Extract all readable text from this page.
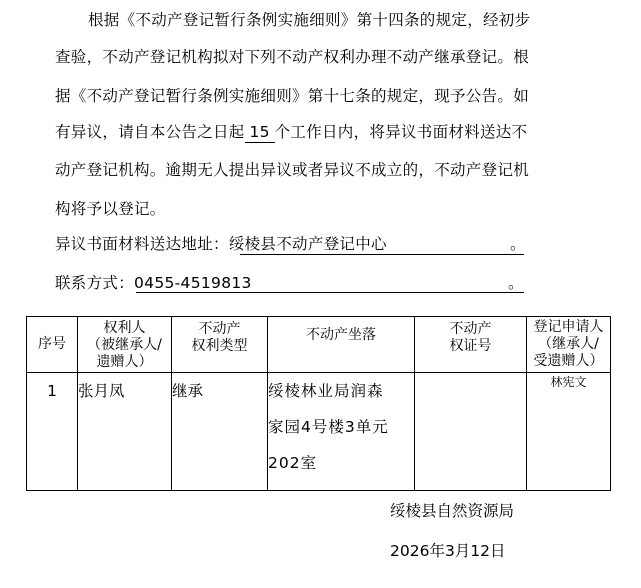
根据《不动产登记暂行条例实施细则》第十四条的规定，经初步
查验，不动产登记机构拟对下列不动产权利办理不动产继承登记。根
据《不动产登记暂行条例实施细则》第十七条的规定，现予公告。如
有异议，请自本公告之日起 15 个工作日内，将异议书面材料送达不
动产登记机构。逾期无人提出异议或者异议不成立的，不动产登记机
构将予以登记。
异议书面材料送达地址：绥棱县不动产登记中心	。
联系方式：0455-4519813	。
序号	权利人
（被继承人/
遗赠人）	不动产
权利类型	不动产坐落	不动产
权证号	登记申请人
（继承人/
受遗赠人）

1	张月凤	继承	绥棱林业局润森
家园4号楼3单元
202室		林宪文
绥棱县自然资源局
2026年3月12日
